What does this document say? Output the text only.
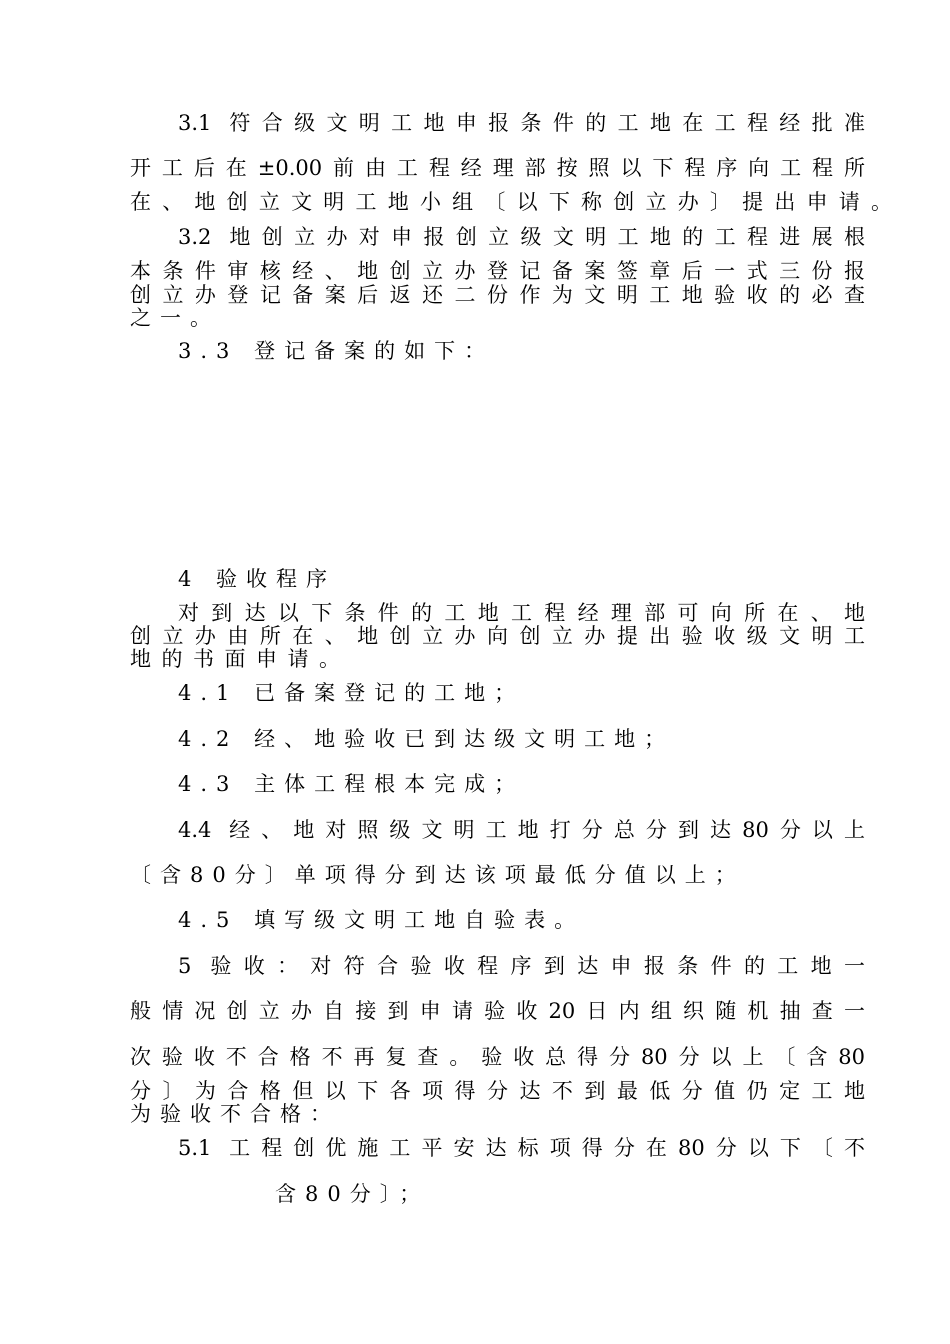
3.1 符合级文明工地申报条件的工地在工程经批准

开工后在±0.00前由工程经理部按照以下程序向工程所

在、地创立文明工地小组〔以下称创立办〕提出申请。

3.2 地创立办对申报创立级文明工地的工程进展根

本条件审核经、地创立办登记备案签章后一式三份报

创立办登记备案后返还二份作为文明工地验收的必查

之一。

3.3 登记备案的如下：

4 验收程序

对到达以下条件的工地工程经理部可向所在、地

创立办由所在、地创立办向创立办提出验收级文明工

地的书面申请。

4.1 已备案登记的工地；

4.2 经、地验收已到达级文明工地；

4.3 主体工程根本完成；

4.4 经、地对照级文明工地打分总分到达80分以上

〔含80分〕单项得分到达该项最低分值以上；

4.5 填写级文明工地自验表。

5 验收：对符合验收程序到达申报条件的工地一

般情况创立办自接到申请验收20日内组织随机抽查一

次验收不合格不再复查。验收总得分80分以上〔含80

分〕为合格但以下各项得分达不到最低分值仍定工地

为验收不合格：

5.1 工程创优施工平安达标项得分在80分以下〔不

含80分〕；
